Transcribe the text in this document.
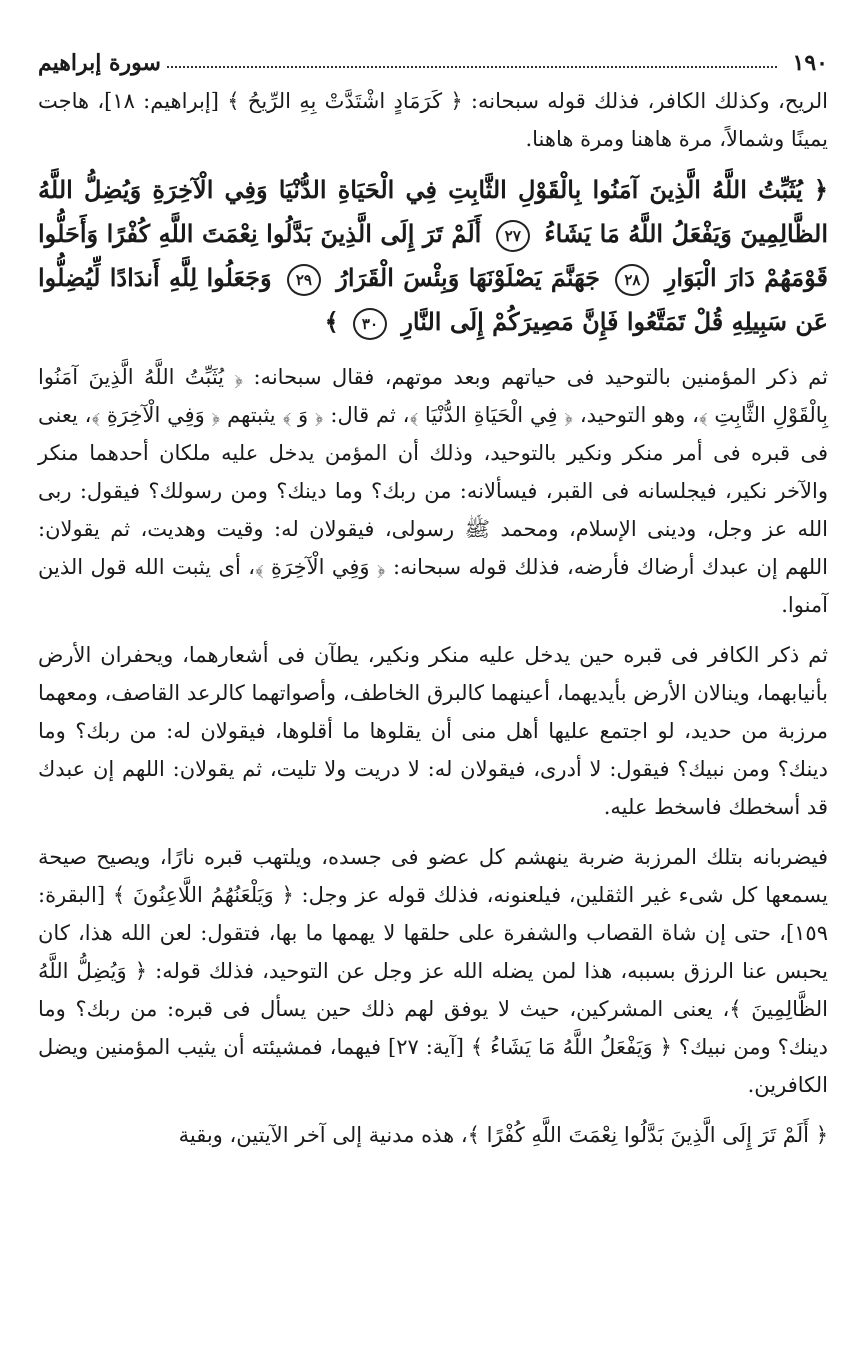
١٩٠
سورة إبراهيم

الريح، وكذلك الكافر، فذلك قوله سبحانه: ﴿ كَرَمَادٍ اشْتَدَّتْ بِهِ الرِّيحُ ﴾ [إبراهيم: ١٨]، هاجت يمينًا وشمالاً، مرة هاهنا ومرة هاهنا.

﴿ يُثَبِّتُ اللَّهُ الَّذِينَ آمَنُوا بِالْقَوْلِ الثَّابِتِ فِي الْحَيَاةِ الدُّنْيَا وَفِي الْآخِرَةِ وَيُضِلُّ اللَّهُ الظَّالِمِينَ وَيَفْعَلُ اللَّهُ مَا يَشَاءُ ٢٧ أَلَمْ تَرَ إِلَى الَّذِينَ بَدَّلُوا نِعْمَتَ اللَّهِ كُفْرًا وَأَحَلُّوا قَوْمَهُمْ دَارَ الْبَوَارِ ٢٨ جَهَنَّمَ يَصْلَوْنَهَا وَبِئْسَ الْقَرَارُ ٢٩ وَجَعَلُوا لِلَّهِ أَندَادًا لِّيُضِلُّوا عَن سَبِيلِهِ قُلْ تَمَتَّعُوا فَإِنَّ مَصِيرَكُمْ إِلَى النَّارِ ٣٠ ﴾

ثم ذكر المؤمنين بالتوحيد فى حياتهم وبعد موتهم، فقال سبحانه: ﴿ يُثَبِّتُ اللَّهُ الَّذِينَ آمَنُوا بِالْقَوْلِ الثَّابِتِ ﴾، وهو التوحيد، ﴿ فِي الْحَيَاةِ الدُّنْيَا ﴾، ثم قال: ﴿ وَ ﴾ يثبتهم ﴿ وَفِي الْآخِرَةِ ﴾، يعنى فى قبره فى أمر منكر ونكير بالتوحيد، وذلك أن المؤمن يدخل عليه ملكان أحدهما منكر والآخر نكير، فيجلسانه فى القبر، فيسألانه: من ربك؟ وما دينك؟ ومن رسولك؟ فيقول: ربى الله عز وجل، ودينى الإسلام، ومحمد ﷺ رسولى، فيقولان له: وقيت وهديت، ثم يقولان: اللهم إن عبدك أرضاك فأرضه، فذلك قوله سبحانه: ﴿ وَفِي الْآخِرَةِ ﴾، أى يثبت الله قول الذين آمنوا.

ثم ذكر الكافر فى قبره حين يدخل عليه منكر ونكير، يطآن فى أشعارهما، ويحفران الأرض بأنيابهما، وينالان الأرض بأيديهما، أعينهما كالبرق الخاطف، وأصواتهما كالرعد القاصف، ومعهما مرزبة من حديد، لو اجتمع عليها أهل منى أن يقلوها ما أقلوها، فيقولان له: من ربك؟ وما دينك؟ ومن نبيك؟ فيقول: لا أدرى، فيقولان له: لا دريت ولا تليت، ثم يقولان: اللهم إن عبدك قد أسخطك فاسخط عليه.

فيضربانه بتلك المرزبة ضربة ينهشم كل عضو فى جسده، ويلتهب قبره نارًا، ويصيح صيحة يسمعها كل شىء غير الثقلين، فيلعنونه، فذلك قوله عز وجل: ﴿ وَيَلْعَنُهُمُ اللَّاعِنُونَ ﴾ [البقرة: ١٥٩]، حتى إن شاة القصاب والشفرة على حلقها لا يهمها ما بها، فتقول: لعن الله هذا، كان يحبس عنا الرزق بسببه، هذا لمن يضله الله عز وجل عن التوحيد، فذلك قوله: ﴿ وَيُضِلُّ اللَّهُ الظَّالِمِينَ ﴾، يعنى المشركين، حيث لا يوفق لهم ذلك حين يسأل فى قبره: من ربك؟ وما دينك؟ ومن نبيك؟ ﴿ وَيَفْعَلُ اللَّهُ مَا يَشَاءُ ﴾ [آية: ٢٧] فيهما، فمشيئته أن يثيب المؤمنين ويضل الكافرين.

﴿ أَلَمْ تَرَ إِلَى الَّذِينَ بَدَّلُوا نِعْمَتَ اللَّهِ كُفْرًا ﴾، هذه مدنية إلى آخر الآيتين، وبقية
